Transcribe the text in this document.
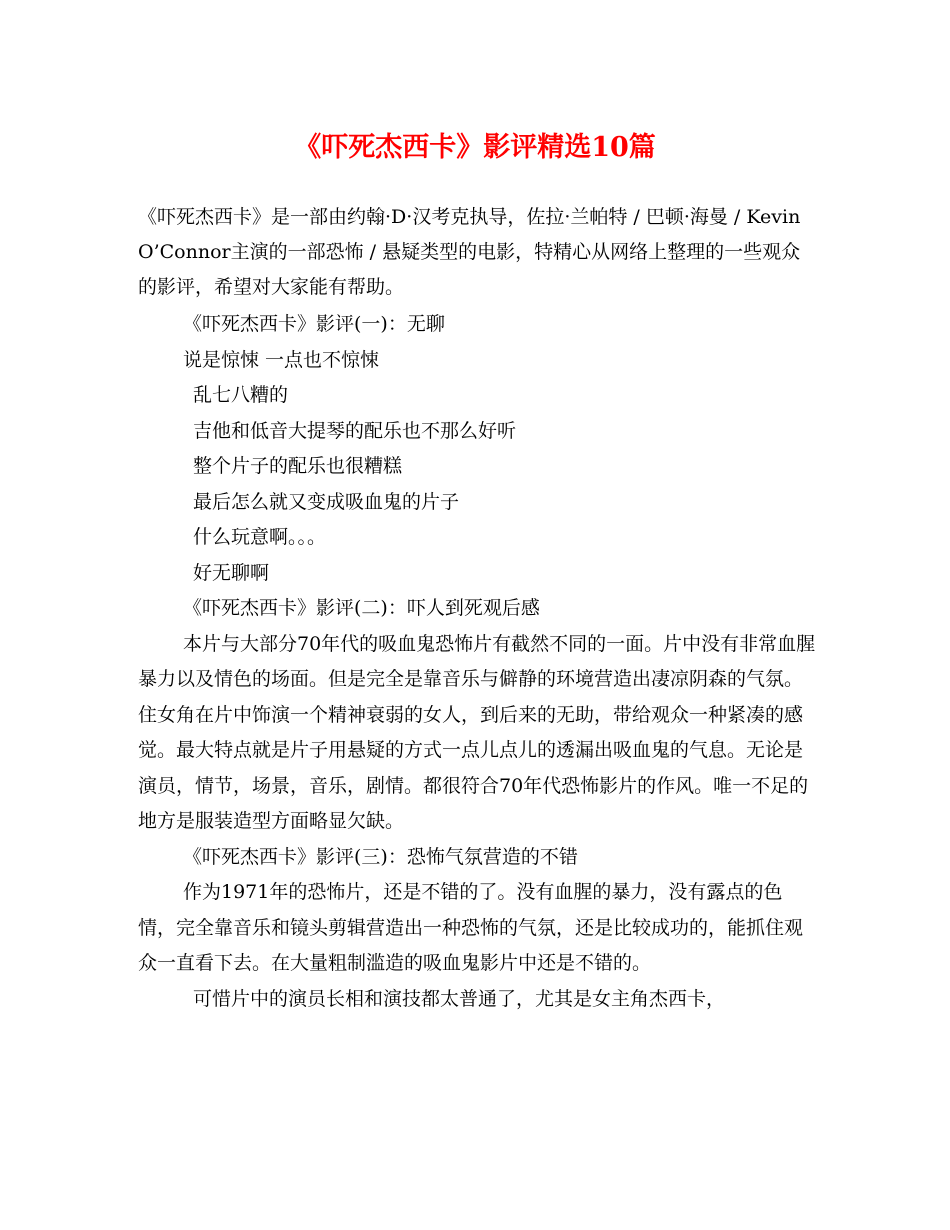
《吓死杰西卡》影评精选10篇

《吓死杰西卡》是一部由约翰·D·汉考克执导，佐拉·兰帕特 / 巴顿·海曼 / Kevin O’Connor主演的一部恐怖 / 悬疑类型的电影，特精心从网络上整理的一些观众的影评，希望对大家能有帮助。

《吓死杰西卡》影评(一)：无聊

说是惊悚 一点也不惊悚

乱七八糟的

吉他和低音大提琴的配乐也不那么好听

整个片子的配乐也很糟糕

最后怎么就又变成吸血鬼的片子

什么玩意啊。。。

好无聊啊

《吓死杰西卡》影评(二)：吓人到死观后感

本片与大部分70年代的吸血鬼恐怖片有截然不同的一面。片中没有非常血腥暴力以及情色的场面。但是完全是靠音乐与僻静的环境营造出凄凉阴森的气氛。住女角在片中饰演一个精神衰弱的女人，到后来的无助，带给观众一种紧凑的感觉。最大特点就是片子用悬疑的方式一点儿点儿的透漏出吸血鬼的气息。无论是演员，情节，场景，音乐，剧情。都很符合70年代恐怖影片的作风。唯一不足的地方是服装造型方面略显欠缺。

《吓死杰西卡》影评(三)：恐怖气氛营造的不错

作为1971年的恐怖片，还是不错的了。没有血腥的暴力，没有露点的色情，完全靠音乐和镜头剪辑营造出一种恐怖的气氛，还是比较成功的，能抓住观众一直看下去。在大量粗制滥造的吸血鬼影片中还是不错的。

可惜片中的演员长相和演技都太普通了，尤其是女主角杰西卡，
